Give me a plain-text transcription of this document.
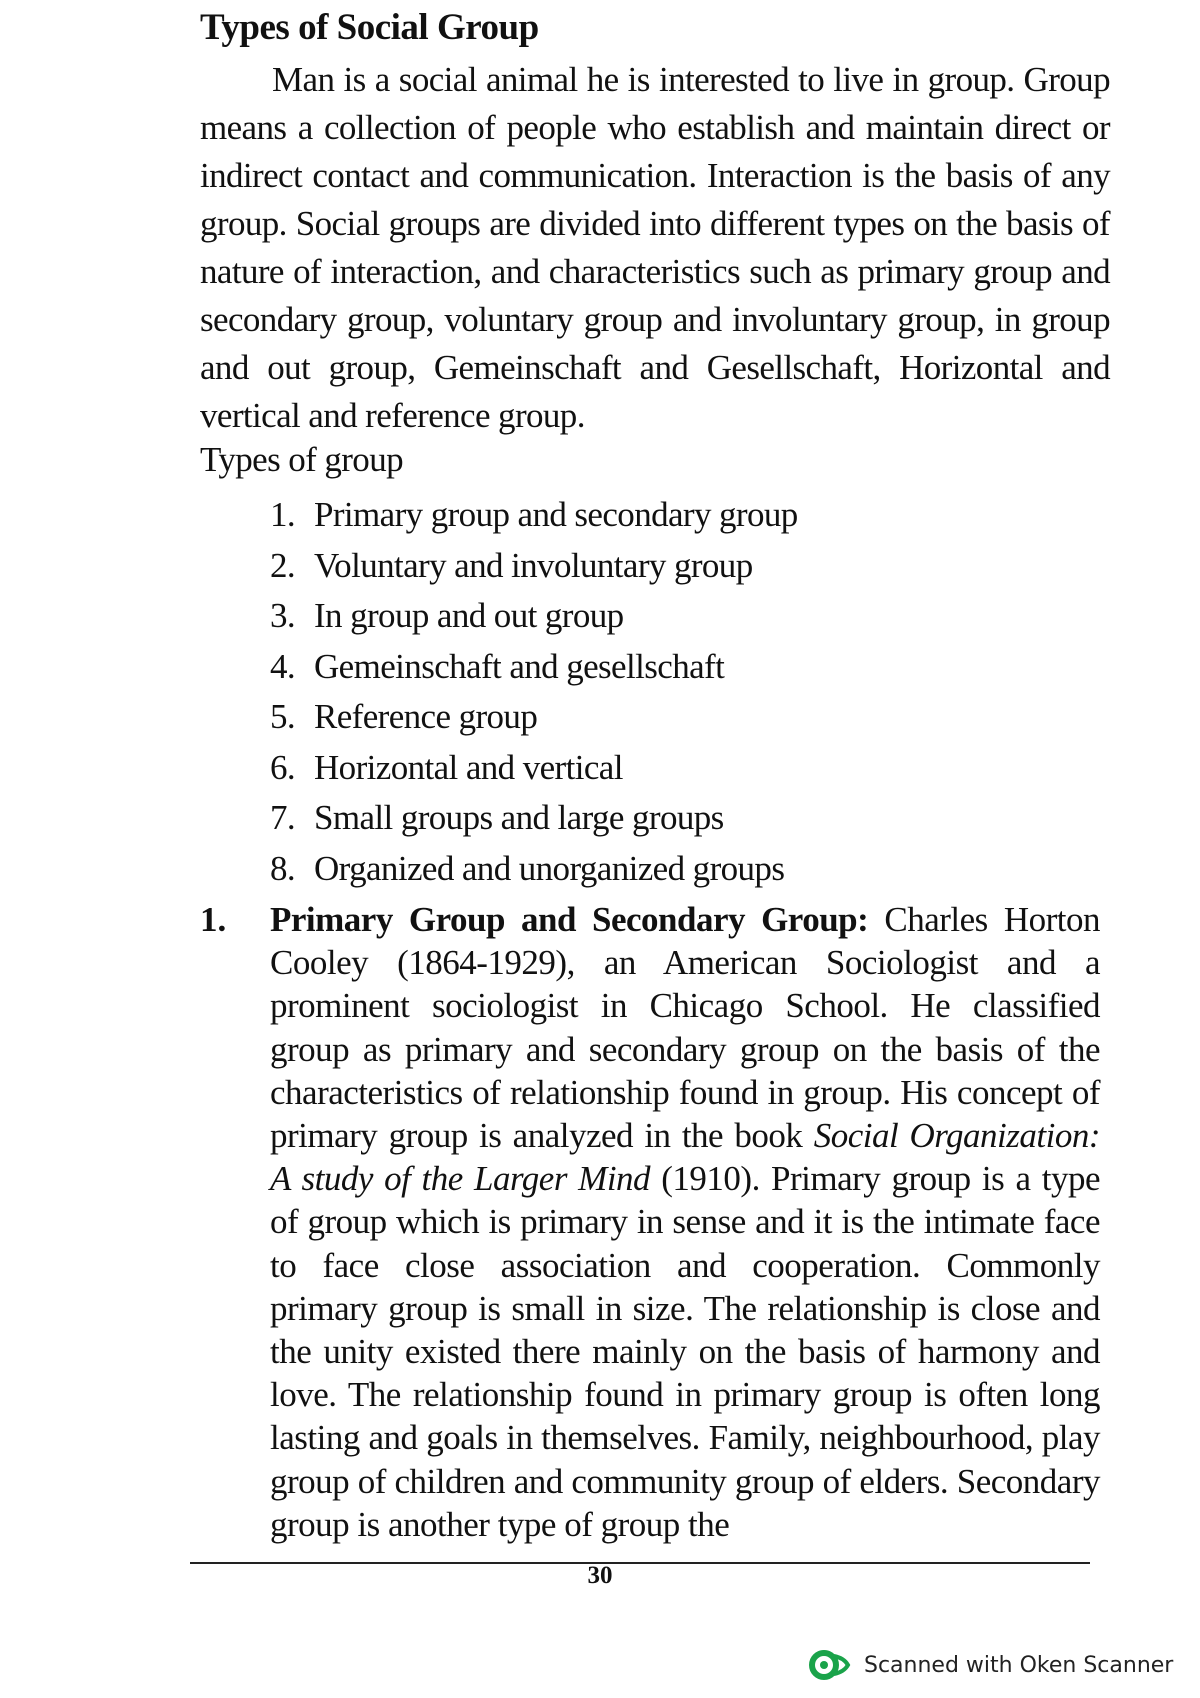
Types of Social Group

Man is a social animal he is interested to live in group. Group means a collection of people who establish and maintain direct or indirect contact and communication. Interaction is the basis of any group. Social groups are divided into different types on the basis of nature of interaction, and characteristics such as primary group and secondary group, voluntary group and involuntary group, in group and out group, Gemeinschaft and Gesellschaft, Horizontal and vertical and reference group.

Types of group

1. Primary group and secondary group
2. Voluntary and involuntary group
3. In group and out group
4. Gemeinschaft and gesellschaft
5. Reference group
6. Horizontal and vertical
7. Small groups and large groups
8. Organized and unorganized groups
1. Primary Group and Secondary Group: Charles Horton Cooley (1864-1929), an American Sociologist and a prominent sociologist in Chicago School. He classified group as primary and secondary group on the basis of the characteristics of relationship found in group. His concept of primary group is analyzed in the book Social Organization: A study of the Larger Mind (1910). Primary group is a type of group which is primary in sense and it is the intimate face to face close association and cooperation. Commonly primary group is small in size. The relationship is close and the unity existed there mainly on the basis of harmony and love. The relationship found in primary group is often long lasting and goals in themselves. Family, neighbourhood, play group of children and community group of elders. Secondary group is another type of group the

30
Scanned with Oken Scanner
